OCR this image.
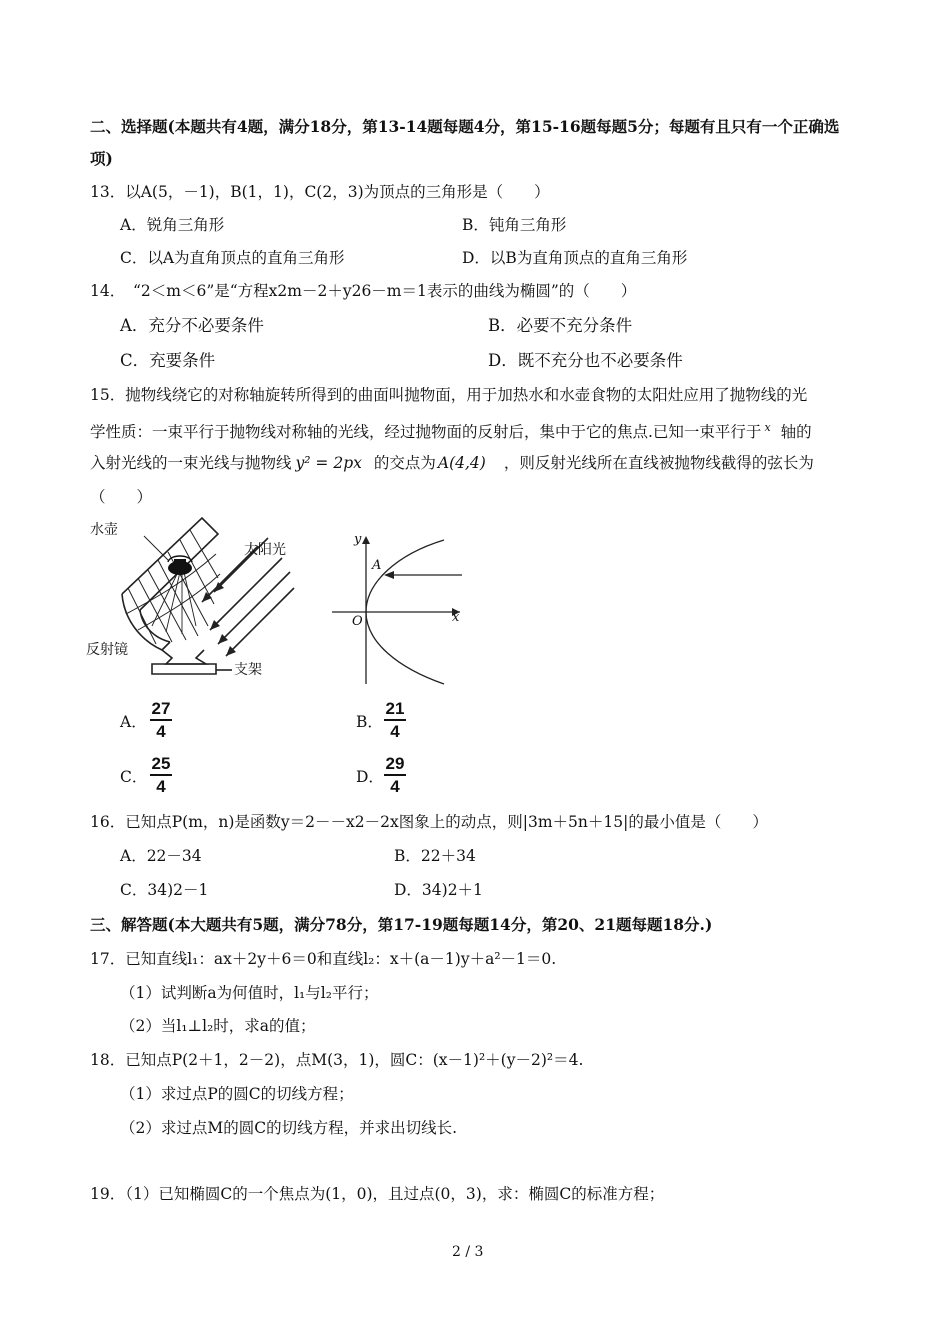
二、选择题(本题共有4题，满分18分，第13-14题每题4分，第15-16题每题5分；每题有且只有一个正确选
项)
13．以A(5，－1)，B(1，1)，C(2，3)为顶点的三角形是（　　）
A．锐角三角形	B．钝角三角形
C．以A为直角顶点的直角三角形	D．以B为直角顶点的直角三角形
14．　“2＜m＜6”是“方程x2m－2＋y26－m＝1表示的曲线为椭圆”的（　　）
A．充分不必要条件	B．必要不充分条件
C．充要条件	D．既不充分也不必要条件
15．抛物线绕它的对称轴旋转所得到的曲面叫抛物面，用于加热水和水壶食物的太阳灶应用了抛物线的光
学性质：一束平行于抛物线对称轴的光线，经过抛物面的反射后，集中于它的焦点.已知一束平行于 $^x$ 轴的
入射光线的一束光线与抛物线 y² = 2px 的交点为 A(4,4) ，则反射光线所在直线被抛物线截得的弦长为
（　　）
水壶
太阳光
反射镜
支架
y
A
O	x
A．
27
4	B．
21
4
C．
25
4	D．
29
4
16．已知点P(m，n)是函数y＝2－－x2－2x图象上的动点，则|3m＋5n＋15|的最小值是（　　）
A．22－34	B．22＋34
C．34)2－1	D．34)2＋1
三、解答题(本大题共有5题，满分78分，第17-19题每题14分，第20、21题每题18分.)
17．已知直线l₁：ax＋2y＋6＝0和直线l₂：x＋(a－1)y＋a²－1＝0.
（1）试判断a为何值时，l₁与l₂平行；
（2）当l₁⊥l₂时，求a的值；
18．已知点P(2＋1，2－2)，点M(3，1)，圆C：(x－1)²＋(y－2)²＝4.
（1）求过点P的圆C的切线方程；
（2）求过点M的圆C的切线方程，并求出切线长.
19．（1）已知椭圆C的一个焦点为(1，0)，且过点(0，3)，求：椭圆C的标准方程；
2 / 3
